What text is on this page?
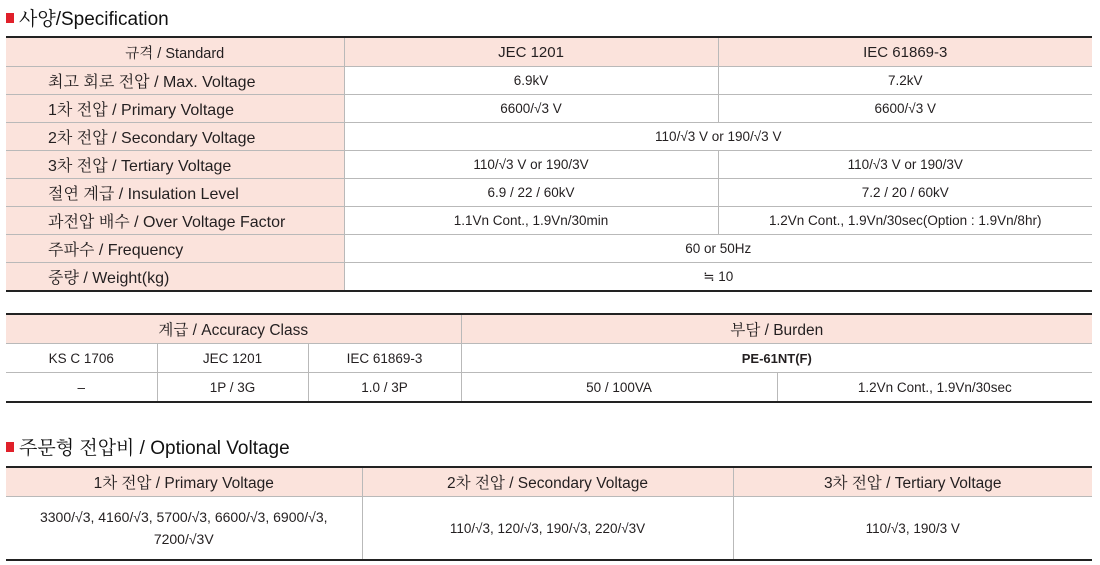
사양/Specification
규격 / Standard	JEC 1201	IEC 61869-3
최고 회로 전압 / Max. Voltage	6.9kV	7.2kV
1차 전압 / Primary Voltage	6600/√3 V	6600/√3 V
2차 전압 / Secondary Voltage	110/√3 V or 190/√3 V	
3차 전압 / Tertiary Voltage	110/√3 V or 190/3V	110/√3 V or 190/3V
절연 계급 / Insulation Level	6.9 / 22 / 60kV	7.2 / 20 / 60kV
과전압 배수 / Over Voltage Factor	1.1Vn Cont., 1.9Vn/30min	1.2Vn Cont., 1.9Vn/30sec(Option : 1.9Vn/8hr)
주파수 / Frequency	60 or 50Hz	
중량 / Weight(kg)	≒ 10	
계급 / Accuracy Class			부담 / Burden	
KS C 1706	JEC 1201	IEC 61869-3	PE-61NT(F)	
–	1P / 3G	1.0 / 3P	50 / 100VA	1.2Vn Cont., 1.9Vn/30sec
주문형 전압비 / Optional Voltage
1차 전압 / Primary Voltage	2차 전압 / Secondary Voltage	3차 전압 / Tertiary Voltage
3300/√3, 4160/√3, 5700/√3, 6600/√3, 6900/√3, 7200/√3V	110/√3, 120/√3, 190/√3, 220/√3V	110/√3, 190/3 V
